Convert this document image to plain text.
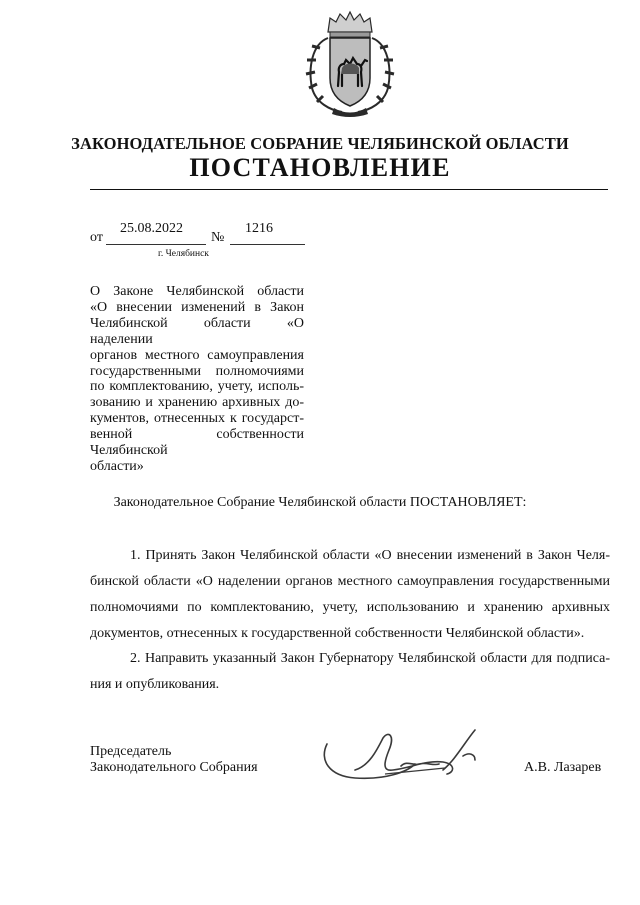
ЗАКОНОДАТЕЛЬНОЕ СОБРАНИЕ ЧЕЛЯБИНСКОЙ ОБЛАСТИ
ПОСТАНОВЛЕНИЕ
от
25.08.2022
№
1216
г. Челябинск
О Законе Челябинской области
«О внесении изменений в Закон
Челябинской области «О наделении
органов местного самоуправления
государственными полномочиями
по комплектованию, учету, исполь-
зованию и хранению архивных до-
кументов, отнесенных к государст-
венной собственности Челябинской
области»
Законодательное Собрание Челябинской области ПОСТАНОВЛЯЕТ:
1. Принять Закон Челябинской области «О внесении изменений в Закон Челя-
бинской области «О наделении органов местного самоуправления государственными
полномочиями по комплектованию, учету, использованию и хранению архивных
документов, отнесенных к государственной собственности Челябинской области».
2. Направить указанный Закон Губернатору Челябинской области для подписа-
ния и опубликования.
Председатель
Законодательного Собрания	А.В. Лазарев
